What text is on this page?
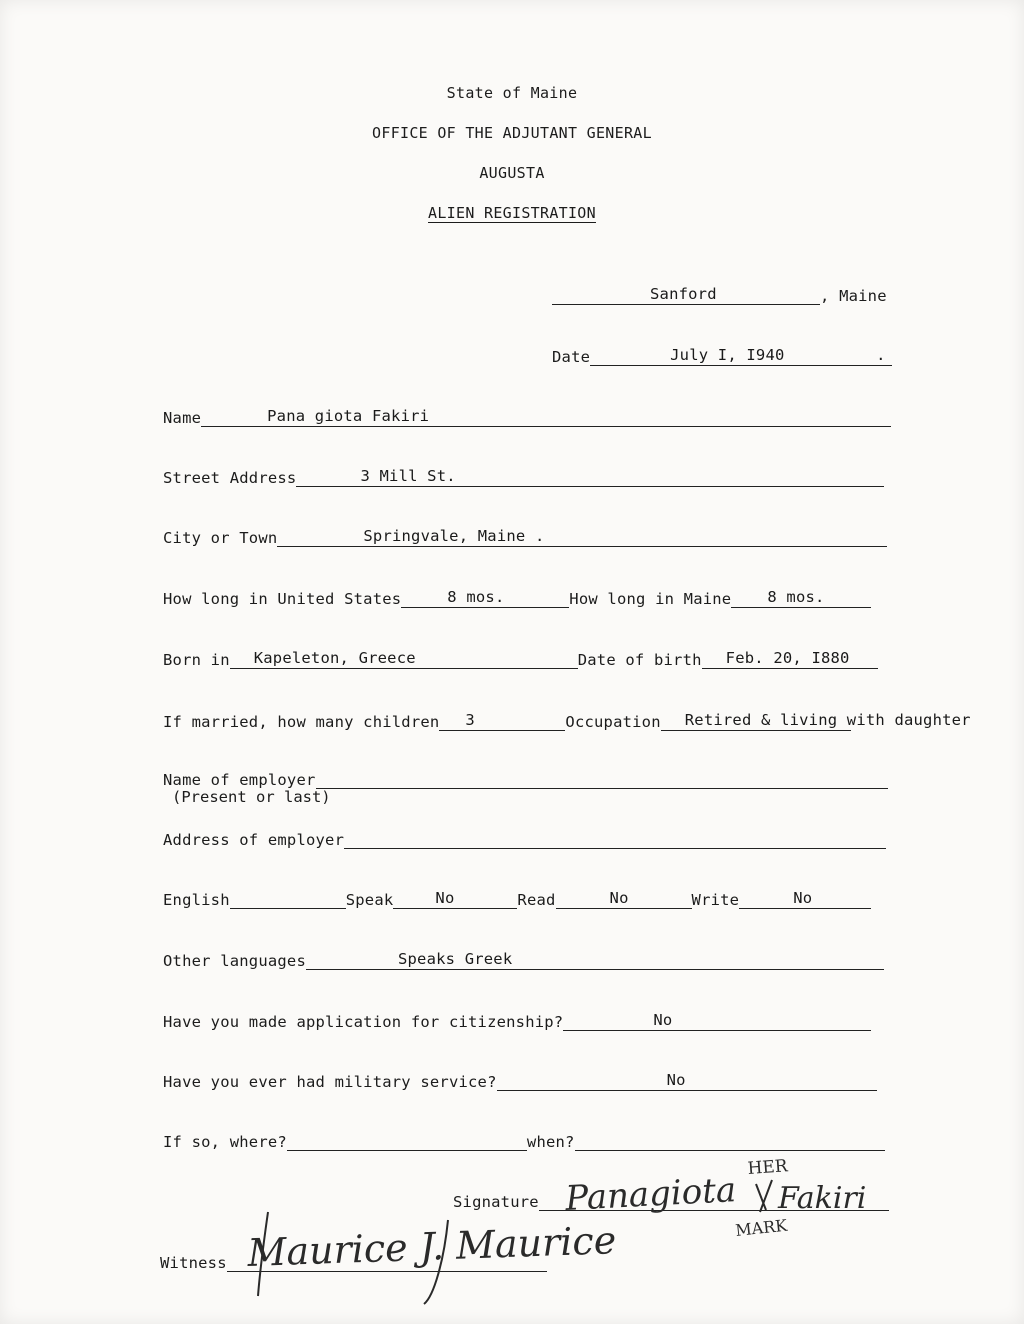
State of Maine
OFFICE OF THE ADJUTANT GENERAL
AUGUSTA
ALIEN REGISTRATION
Sanford	, Maine
Date	July I, I940	.
Name	Pana giota Fakiri
Street Address	3 Mill St.
City or Town	Springvale, Maine .
How long in United States	8 mos.	How long in Maine 8 mos.
Born in Kapeleton, Greece	Date of birth Feb. 20, I880
If married, how many children 3	Occupation Retired & living with daughter
Name of employer
(Present or last)
Address of employer
English	Speak	No	Read	No	Write	No
Other languages	Speaks Greek
Have you made application for citizenship?	No
Have you ever had military service?	No
If so, where?	when?
Signature Panagiota
HER
Fakiri
MARK
Witness Maurice J. Maurice
